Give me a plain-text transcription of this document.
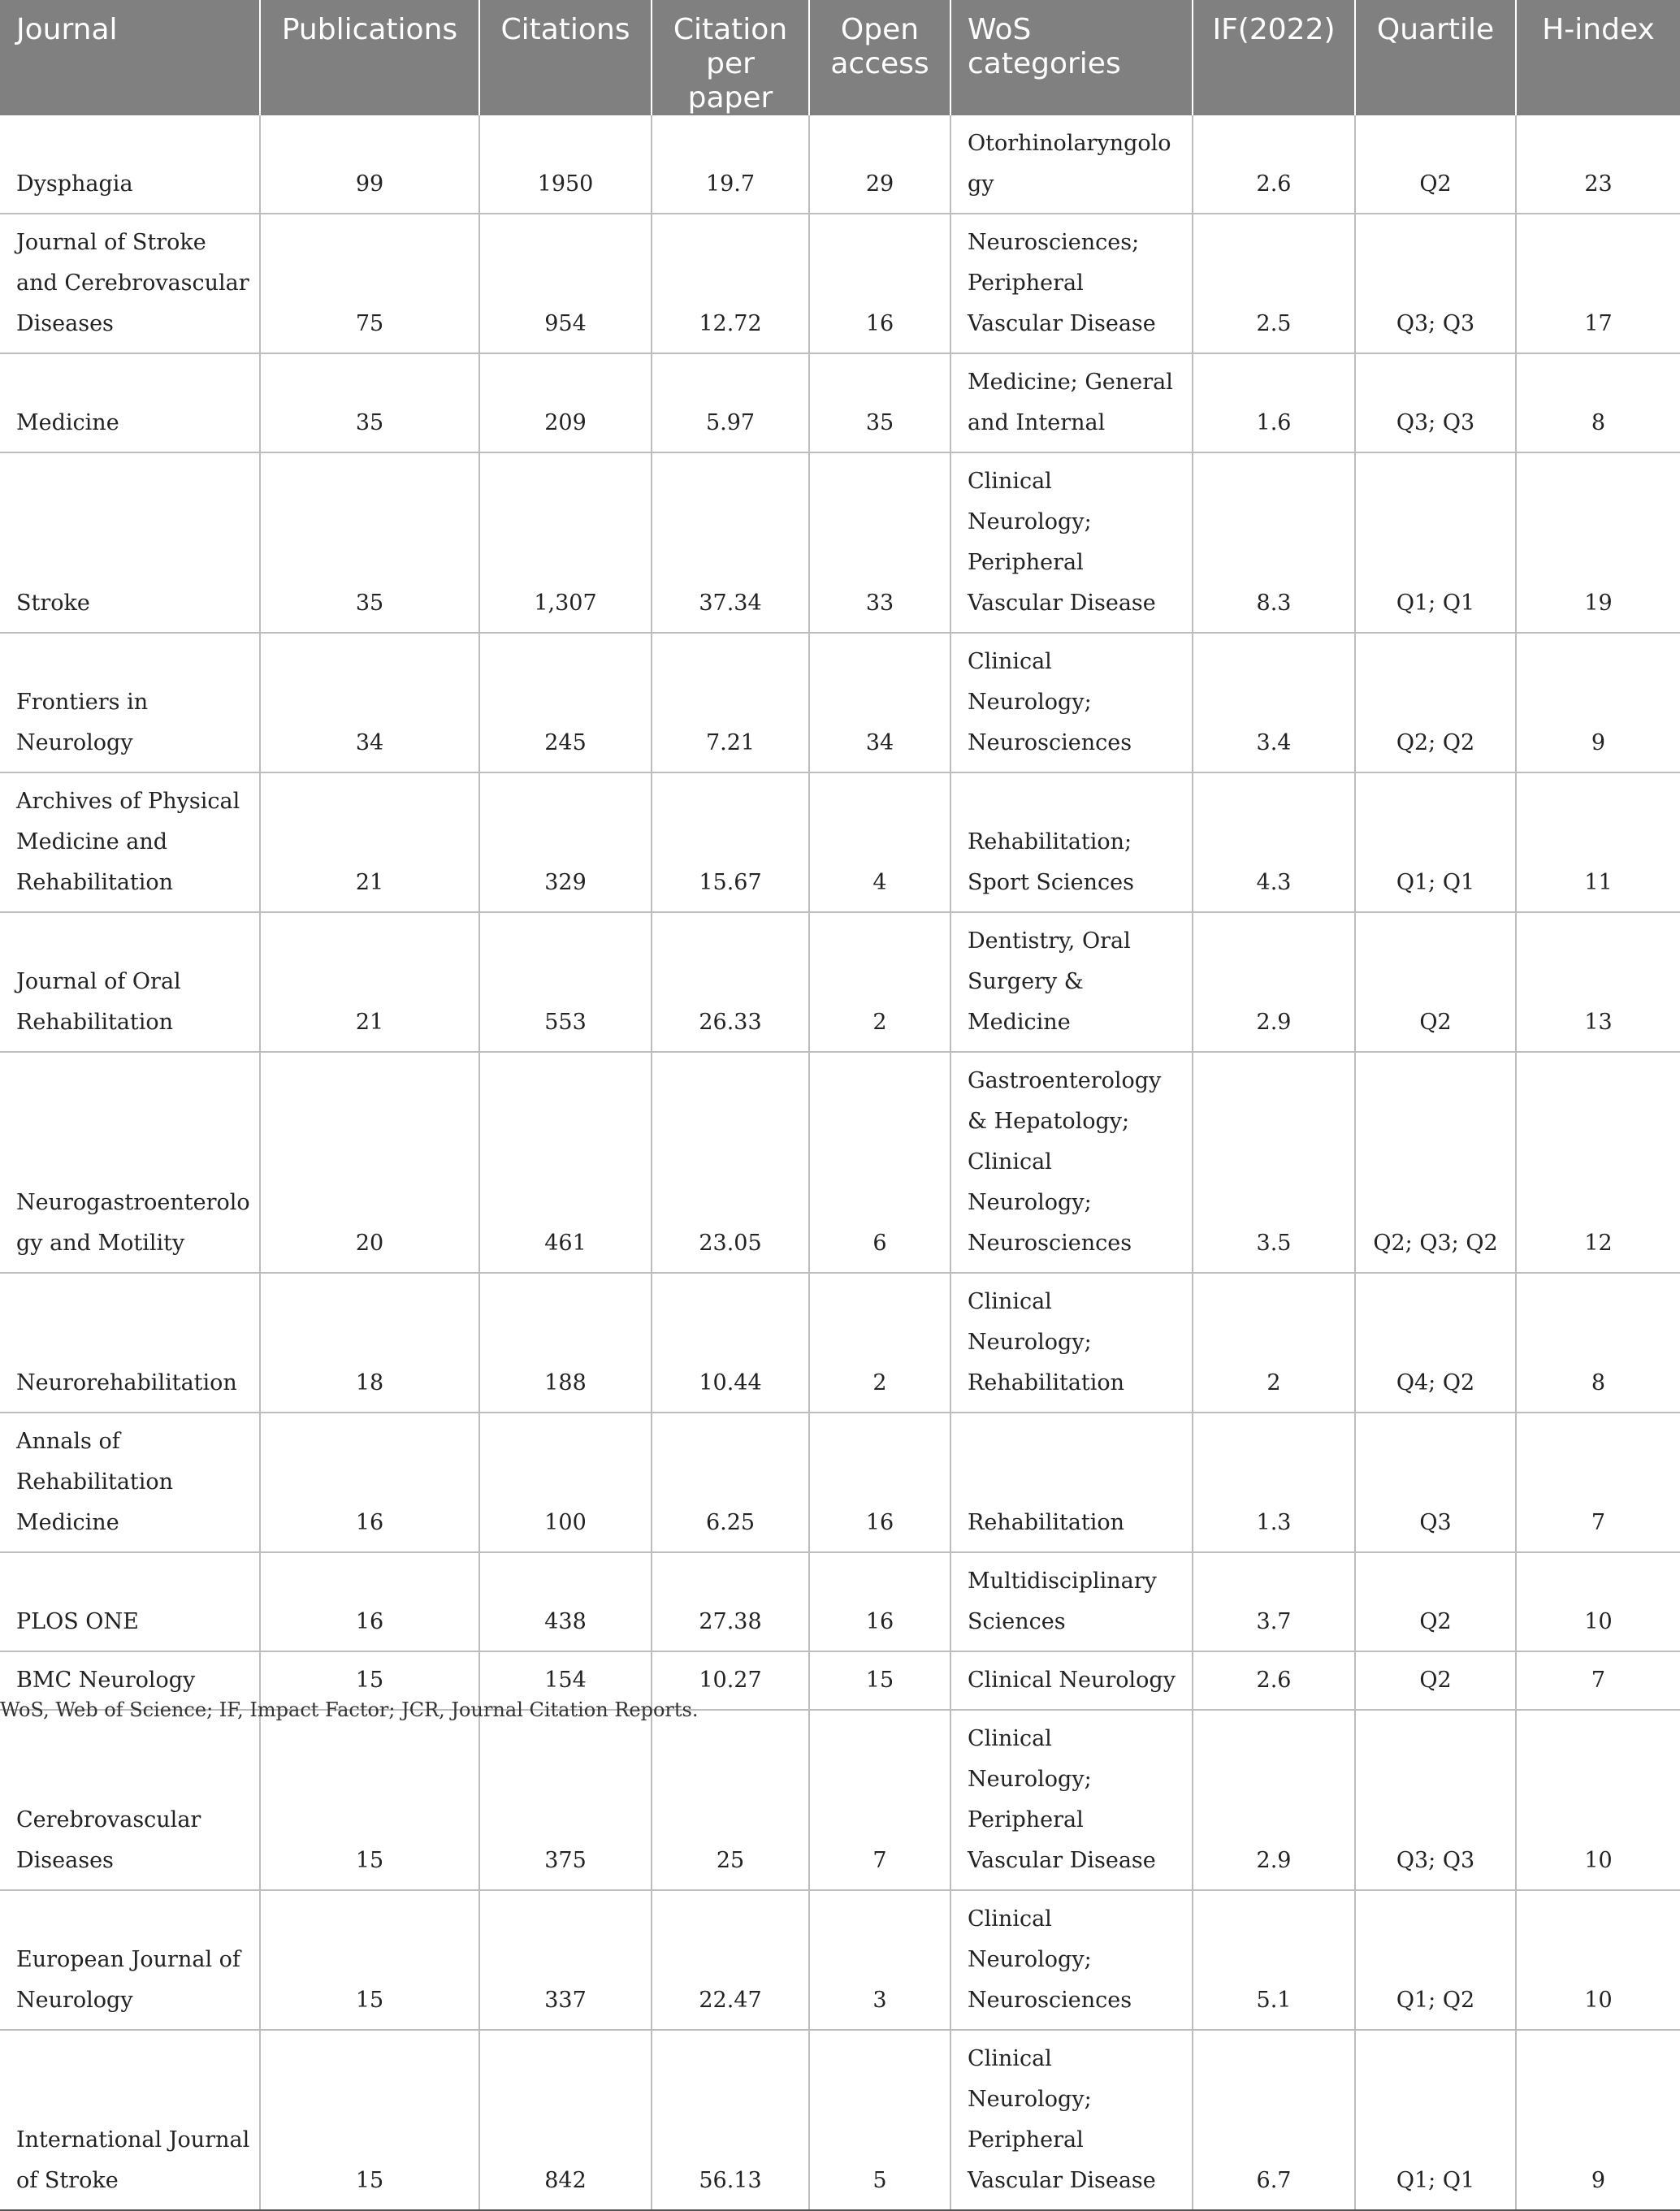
Journal	Publications	Citations	Citation per paper	Open access	WoS categories	IF(2022)	Quartile	H-index
Dysphagia	99	1950	19.7	29	Otorhinolaryngology	2.6	Q2	23
Journal of Stroke and Cerebrovascular Diseases	75	954	12.72	16	Neurosciences; Peripheral Vascular Disease	2.5	Q3; Q3	17
Medicine	35	209	5.97	35	Medicine; General and Internal	1.6	Q3; Q3	8
Stroke	35	1,307	37.34	33	Clinical Neurology; Peripheral Vascular Disease	8.3	Q1; Q1	19
Frontiers in Neurology	34	245	7.21	34	Clinical Neurology; Neurosciences	3.4	Q2; Q2	9
Archives of Physical Medicine and Rehabilitation	21	329	15.67	4	Rehabilitation; Sport Sciences	4.3	Q1; Q1	11
Journal of Oral Rehabilitation	21	553	26.33	2	Dentistry, Oral Surgery & Medicine	2.9	Q2	13
Neurogastroenterology and Motility	20	461	23.05	6	Gastroenterology & Hepatology; Clinical Neurology; Neurosciences	3.5	Q2; Q3; Q2	12
Neurorehabilitation	18	188	10.44	2	Clinical Neurology; Rehabilitation	2	Q4; Q2	8
Annals of Rehabilitation Medicine	16	100	6.25	16	Rehabilitation	1.3	Q3	7
PLOS ONE	16	438	27.38	16	Multidisciplinary Sciences	3.7	Q2	10
BMC Neurology	15	154	10.27	15	Clinical Neurology	2.6	Q2	7
Cerebrovascular Diseases	15	375	25	7	Clinical Neurology; Peripheral Vascular Disease	2.9	Q3; Q3	10
European Journal of Neurology	15	337	22.47	3	Clinical Neurology; Neurosciences	5.1	Q1; Q2	10
International Journal of Stroke	15	842	56.13	5	Clinical Neurology; Peripheral Vascular Disease	6.7	Q1; Q1	9
WoS, Web of Science; IF, Impact Factor; JCR, Journal Citation Reports.
